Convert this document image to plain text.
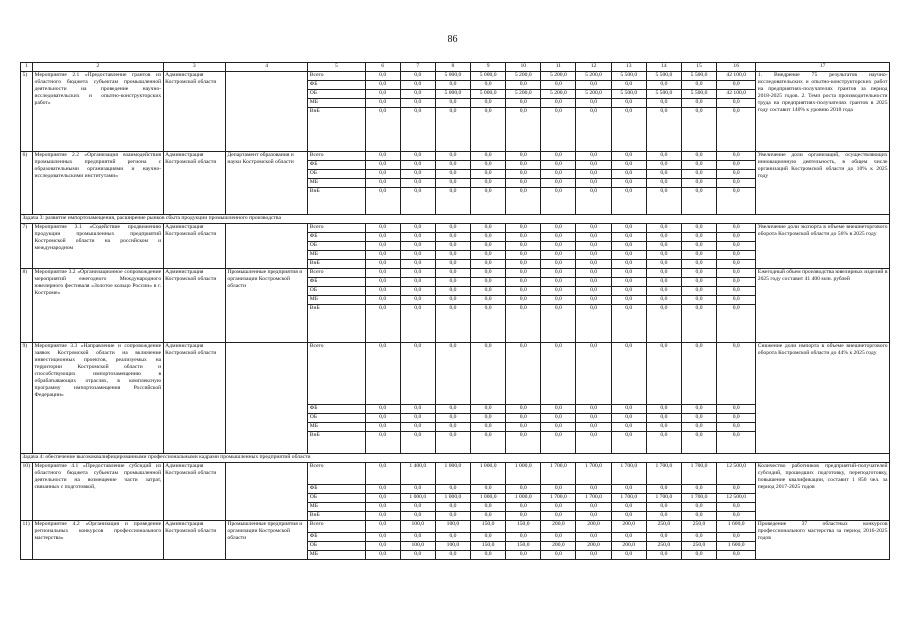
86
1	2	3	4	5	6	7	8	9	10	11	12	13	14	15	16	17
5)	Мероприятие 2.1 «Предоставление грантов из областного бюджета субъектам промышленной деятельности на проведение научно-исследовательских и опытно-конструкторских работ»	Администрация Костромской области		Всего	0,0	0,0	5 000,0	5 000,0	5 200,0	5 200,0	5 200,0	5 500,0	5 500,0	5 500,0	42 100,0	1. Внедрение 75 результатов научно-исследовательских и опытно-конструкторских работ на предприятиях-получателях грантов за период 2018-2025 годов. 2. Темп роста производительности труда на предприятиях-получателях грантов в 2025 году составит 140% к уровню 2018 года
				ФБ	0,0	0,0	0,0	0,0	0,0	0,0	0,0	0,0	0,0	0,0	0,0	
				ОБ	0,0	0,0	5 000,0	5 000,0	5 200,0	5 200,0	5 200,0	5 500,0	5 500,0	5 500,0	42 100,0	
				МБ	0,0	0,0	0,0	0,0	0,0	0,0	0,0	0,0	0,0	0,0	0,0	
				ВнБ	0,0	0,0	0,0	0,0	0,0	0,0	0,0	0,0	0,0	0,0	0,0	
6)	Мероприятие 2.2 «Организация взаимодействия промышленных предприятий региона с образовательными организациями и научно-исследовательскими институтами»	Администрация Костромской области	Департамент образования и науки Костромской области	Всего	0,0	0,0	0,0	0,0	0,0	0,0	0,0	0,0	0,0	0,0	0,0	Увеличение доли организаций, осуществляющих инновационную деятельность, в общем числе организаций Костромской области до 10% к 2025 году
				ФБ	0,0	0,0	0,0	0,0	0,0	0,0	0,0	0,0	0,0	0,0	0,0	
				ОБ	0,0	0,0	0,0	0,0	0,0	0,0	0,0	0,0	0,0	0,0	0,0	
				МБ	0,0	0,0	0,0	0,0	0,0	0,0	0,0	0,0	0,0	0,0	0,0	
				ВнБ	0,0	0,0	0,0	0,0	0,0	0,0	0,0	0,0	0,0	0,0	0,0	
Задача 3: развитие импортозамещения, расширение рынков сбыта продукции промышленного производства																
7)	Мероприятие 3.1 «Содействие продвижению продукции промышленных предприятий Костромской области на российском и международном	Администрация Костромской области		Всего	0,0	0,0	0,0	0,0	0,0	0,0	0,0	0,0	0,0	0,0	0,0	Увеличение доли экспорта в объеме внешнеторгового оборота Костромской области до 56% в 2025 году
				ФБ	0,0	0,0	0,0	0,0	0,0	0,0	0,0	0,0	0,0	0,0	0,0	
				ОБ	0,0	0,0	0,0	0,0	0,0	0,0	0,0	0,0	0,0	0,0	0,0	
				МБ	0,0	0,0	0,0	0,0	0,0	0,0	0,0	0,0	0,0	0,0	0,0	
				ВнБ	0,0	0,0	0,0	0,0	0,0	0,0	0,0	0,0	0,0	0,0	0,0	
8)	Мероприятие 3.2 «Организационное сопровождение мероприятий ежегодного Международного ювелирного фестиваля «Золотое кольцо России» в г. Костроме»	Администрация Костромской области	Промышленные предприятия и организации Костромской области	Всего	0,0	0,0	0,0	0,0	0,0	0,0	0,0	0,0	0,0	0,0	0,0	Ежегодный объем производства ювелирных изделий в 2025 году составит 41 400 млн. рублей
				ФБ	0,0	0,0	0,0	0,0	0,0	0,0	0,0	0,0	0,0	0,0	0,0	
				ОБ	0,0	0,0	0,0	0,0	0,0	0,0	0,0	0,0	0,0	0,0	0,0	
				МБ	0,0	0,0	0,0	0,0	0,0	0,0	0,0	0,0	0,0	0,0	0,0	
				ВнБ	0,0	0,0	0,0	0,0	0,0	0,0	0,0	0,0	0,0	0,0	0,0	
9)	Мероприятие 3.3 «Направление и сопровождение заявок Костромской области на включение инвестиционных проектов, реализуемых на территории Костромской области и способствующих импортозамещению в обрабатывающих отраслях, в комплексную программу импортозамещения Российской Федерации»	Администрация Костромской области		Всего	0,0	0,0	0,0	0,0	0,0	0,0	0,0	0,0	0,0	0,0	0,0	Снижение доли импорта в объеме внешнеторгового оборота Костромской области до 44% к 2025 году
				ФБ	0,0	0,0	0,0	0,0	0,0	0,0	0,0	0,0	0,0	0,0	0,0	
				ОБ	0,0	0,0	0,0	0,0	0,0	0,0	0,0	0,0	0,0	0,0	0,0	
				МБ	0,0	0,0	0,0	0,0	0,0	0,0	0,0	0,0	0,0	0,0	0,0	
				ВнБ	0,0	0,0	0,0	0,0	0,0	0,0	0,0	0,0	0,0	0,0	0,0	
Задача 4: обеспечение высококвалифицированными профессиональными кадрами промышленных предприятий области																
10)	Мероприятие 4.1 «Предоставление субсидий из областного бюджета субъектам промышленной деятельности на возмещение части затрат, связанных с подготовкой,	Администрация Костромской области		Всего	0,0	1 400,0	1 000,0	1 000,0	1 000,0	1 700,0	1 700,0	1 700,0	1 700,0	1 700,0	12 500,0	Количество работников предприятий-получателей субсидий, прошедших подготовку, переподготовку, повышение квалификации, составит 1 850 чел. за период 2017-2025 годов
				ФБ	0,0	0,0	0,0	0,0	0,0	0,0	0,0	0,0	0,0	0,0	0,0	
				ОБ	0,0	1 000,0	1 000,0	1 000,0	1 000,0	1 700,0	1 700,0	1 700,0	1 700,0	1 700,0	12 500,0	
				МБ	0,0	0,0	0,0	0,0	0,0	0,0	0,0	0,0	0,0	0,0	0,0	
				ВнБ	0,0	0,0	0,0	0,0	0,0	0,0	0,0	0,0	0,0	0,0	0,0	
11)	Мероприятие 4.2 «Организация и проведение региональных конкурсов профессионального мастерства»	Администрация Костромской области	Промышленные предприятия и организации Костромской области	Всего	0,0	100,0	100,0	150,0	150,0	200,0	200,0	200,0	250,0	250,0	1 600,0	Проведение 37 областных конкурсов профессионального мастерства за период 2016-2025 годов
				ФБ	0,0	0,0	0,0	0,0	0,0	0,0	0,0	0,0	0,0	0,0	0,0	
				ОБ	0,0	100,0	100,0	150,0	150,0	200,0	200,0	200,0	250,0	250,0	1 600,0	
				МБ	0,0	0,0	0,0	0,0	0,0	0,0	0,0	0,0	0,0	0,0	0,0	
